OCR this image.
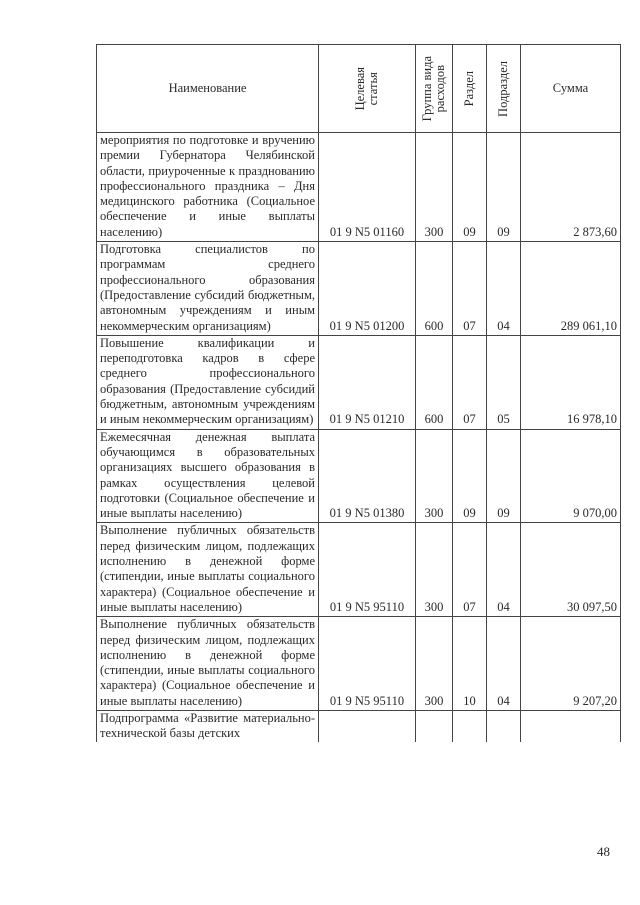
Наименование	Целевая статья	Группа вида расходов	Раздел	Подраздел	Сумма

мероприятия по подготовке и вручению премии Губернатора Челябинской области, приуроченные к празднованию профессионального праздника – Дня медицинского работника (Социальное обеспечение и иные выплаты населению)	01 9 N5 01160	300	09	09	2 873,60

Подготовка специалистов по программам среднего профессионального образования (Предоставление субсидий бюджетным, автономным учреждениям и иным некоммерческим организациям)	01 9 N5 01200	600	07	04	289 061,10

Повышение квалификации и переподготовка кадров в сфере среднего профессионального образования (Предоставление субсидий бюджетным, автономным учреждениям и иным некоммерческим организациям)	01 9 N5 01210	600	07	05	16 978,10

Ежемесячная денежная выплата обучающимся в образовательных организациях высшего образования в рамках осуществления целевой подготовки (Социальное обеспечение и иные выплаты населению)	01 9 N5 01380	300	09	09	9 070,00

Выполнение публичных обязательств перед физическим лицом, подлежащих исполнению в денежной форме (стипендии, иные выплаты социального характера) (Социальное обеспечение и иные выплаты населению)	01 9 N5 95110	300	07	04	30 097,50

Выполнение публичных обязательств перед физическим лицом, подлежащих исполнению в денежной форме (стипендии, иные выплаты социального характера) (Социальное обеспечение и иные выплаты населению)	01 9 N5 95110	300	10	04	9 207,20

Подпрограмма «Развитие материально-технической базы детских					

48
